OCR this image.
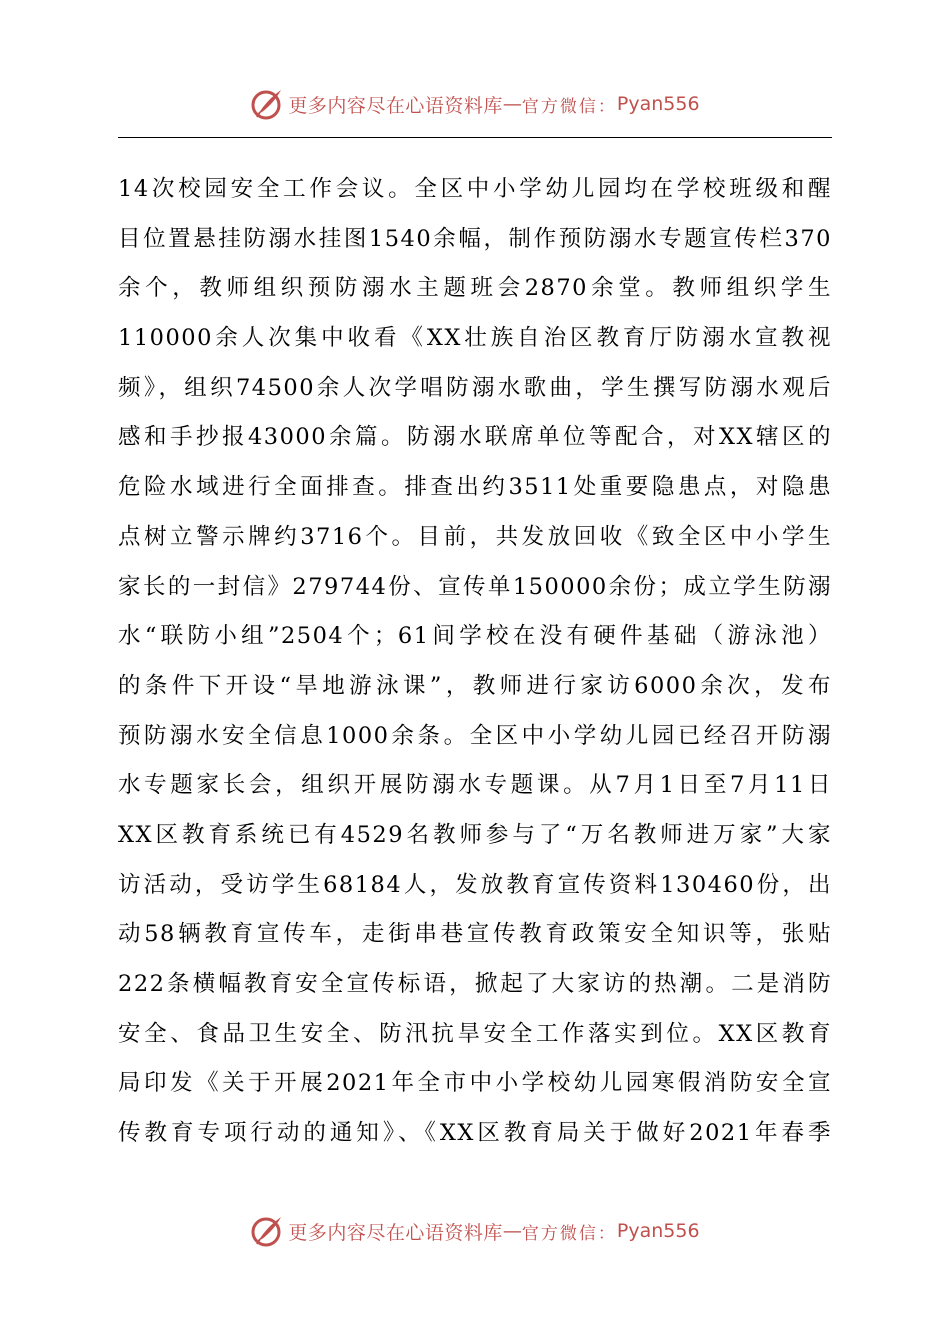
更多内容尽在心语资料库 — 官方微信： Pyan556
14次校园安全工作会议。全区中小学幼儿园均在学校班级和醒
目位置悬挂防溺水挂图1540余幅，制作预防溺水专题宣传栏370
余个，教师组织预防溺水主题班会2870余堂。教师组织学生
110000余人次集中收看《XX壮族自治区教育厅防溺水宣教视
频》，组织74500余人次学唱防溺水歌曲，学生撰写防溺水观后
感和手抄报43000余篇。防溺水联席单位等配合，对XX辖区的
危险水域进行全面排查。排查出约3511处重要隐患点，对隐患
点树立警示牌约3716个。目前，共发放回收《致全区中小学生
家长的一封信》279744份、宣传单150000余份；成立学生防溺
水“联防小组”2504个；61间学校在没有硬件基础（游泳池）
的条件下开设“旱地游泳课”，教师进行家访6000余次，发布
预防溺水安全信息1000余条。全区中小学幼儿园已经召开防溺
水专题家长会，组织开展防溺水专题课。从7月1日至7月11日
XX区教育系统已有4529名教师参与了“万名教师进万家”大家
访活动，受访学生68184人，发放教育宣传资料130460份，出
动58辆教育宣传车，走街串巷宣传教育政策安全知识等，张贴
222条横幅教育安全宣传标语，掀起了大家访的热潮。二是消防
安全、食品卫生安全、防汛抗旱安全工作落实到位。XX区教育
局印发《关于开展2021年全市中小学校幼儿园寒假消防安全宣
传教育专项行动的通知》、《XX区教育局关于做好2021年春季
更多内容尽在心语资料库 — 官方微信： Pyan556
